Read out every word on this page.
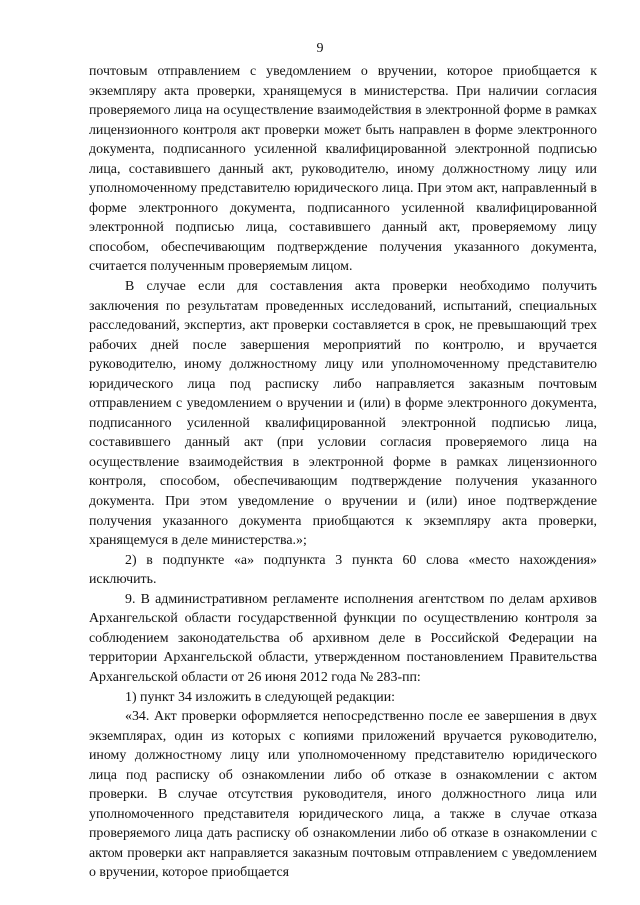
9

почтовым отправлением с уведомлением о вручении, которое приобщается к экземпляру акта проверки, хранящемуся в министерства. При наличии согласия проверяемого лица на осуществление взаимодействия в электронной форме в рамках лицензионного контроля акт проверки может быть направлен в форме электронного документа, подписанного усиленной квалифицированной электронной подписью лица, составившего данный акт, руководителю, иному должностному лицу или уполномоченному представителю юридического лица. При этом акт, направленный в форме электронного документа, подписанного усиленной квалифицированной электронной подписью лица, составившего данный акт, проверяемому лицу способом, обеспечивающим подтверждение получения указанного документа, считается полученным проверяемым лицом.

В случае если для составления акта проверки необходимо получить заключения по результатам проведенных исследований, испытаний, специальных расследований, экспертиз, акт проверки составляется в срок, не превышающий трех рабочих дней после завершения мероприятий по контролю, и вручается руководителю, иному должностному лицу или уполномоченному представителю юридического лица под расписку либо направляется заказным почтовым отправлением с уведомлением о вручении и (или) в форме электронного документа, подписанного усиленной квалифицированной электронной подписью лица, составившего данный акт (при условии согласия проверяемого лица на осуществление взаимодействия в электронной форме в рамках лицензионного контроля, способом, обеспечивающим подтверждение получения указанного документа. При этом уведомление о вручении и (или) иное подтверждение получения указанного документа приобщаются к экземпляру акта проверки, хранящемуся в деле министерства.»;

2) в подпункте «а» подпункта 3 пункта 60 слова «место нахождения» исключить.

9. В административном регламенте исполнения агентством по делам архивов Архангельской области государственной функции по осуществлению контроля за соблюдением законодательства об архивном деле в Российской Федерации на территории Архангельской области, утвержденном постановлением Правительства Архангельской области от 26 июня 2012 года № 283-пп:

1) пункт 34 изложить в следующей редакции:

«34. Акт проверки оформляется непосредственно после ее завершения в двух экземплярах, один из которых с копиями приложений вручается руководителю, иному должностному лицу или уполномоченному представителю юридического лица под расписку об ознакомлении либо об отказе в ознакомлении с актом проверки. В случае отсутствия руководителя, иного должностного лица или уполномоченного представителя юридического лица, а также в случае отказа проверяемого лица дать расписку об ознакомлении либо об отказе в ознакомлении с актом проверки акт направляется заказным почтовым отправлением с уведомлением о вручении, которое приобщается
